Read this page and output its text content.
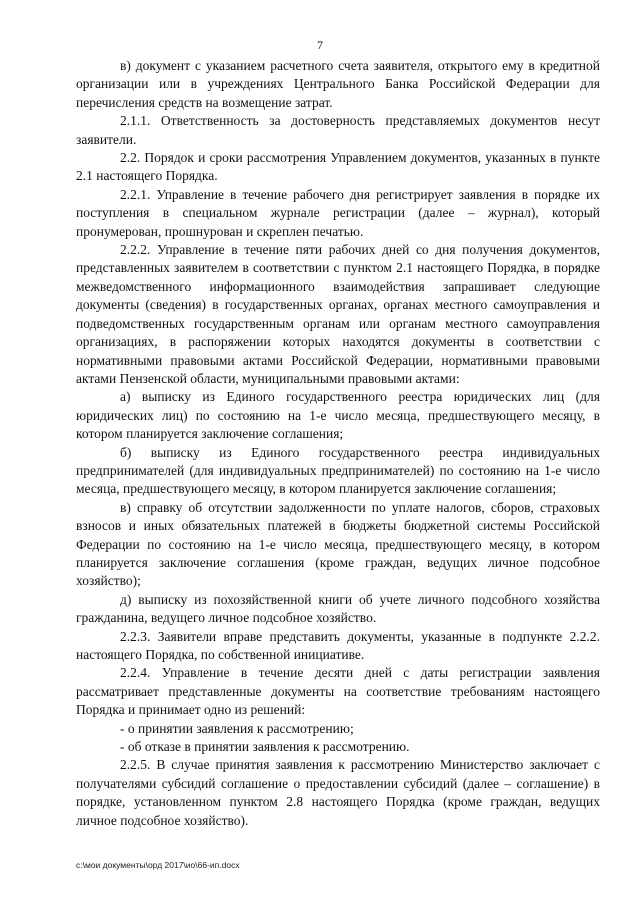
7

в) документ с указанием расчетного счета заявителя, открытого ему в кредитной организации или в учреждениях Центрального Банка Российской Федерации для перечисления средств на возмещение затрат.

2.1.1. Ответственность за достоверность представляемых документов несут заявители.

2.2. Порядок и сроки рассмотрения Управлением документов, указанных в пункте 2.1 настоящего Порядка.

2.2.1. Управление в течение рабочего дня регистрирует заявления в порядке их поступления в специальном журнале регистрации (далее – журнал), который пронумерован, прошнурован и скреплен печатью.

2.2.2. Управление в течение пяти рабочих дней со дня получения документов, представленных заявителем в соответствии с пунктом 2.1 настоящего Порядка, в порядке межведомственного информационного взаимодействия запрашивает следующие документы (сведения) в государственных органах, органах местного самоуправления и подведомственных государственным органам или органам местного самоуправления организациях, в распоряжении которых находятся документы в соответствии с нормативными правовыми актами Российской Федерации, нормативными правовыми актами Пензенской области, муниципальными правовыми актами:

а) выписку из Единого государственного реестра юридических лиц (для юридических лиц) по состоянию на 1-е число месяца, предшествующего месяцу, в котором планируется заключение соглашения;

б) выписку из Единого государственного реестра индивидуальных предпринимателей (для индивидуальных предпринимателей) по состоянию на 1-е число месяца, предшествующего месяцу, в котором планируется заключение соглашения;

в) справку об отсутствии задолженности по уплате налогов, сборов, страховых взносов и иных обязательных платежей в бюджеты бюджетной системы Российской Федерации по состоянию на 1-е число месяца, предшествующего месяцу, в котором планируется заключение соглашения (кроме граждан, ведущих личное подсобное хозяйство);

д) выписку из похозяйственной книги об учете личного подсобного хозяйства гражданина, ведущего личное подсобное хозяйство.

2.2.3. Заявители вправе представить документы, указанные в подпункте 2.2.2. настоящего Порядка, по собственной инициативе.

2.2.4. Управление в течение десяти дней с даты регистрации заявления рассматривает представленные документы на соответствие требованиям настоящего Порядка и принимает одно из решений:

- о принятии заявления к рассмотрению;

- об отказе в принятии заявления к рассмотрению.

2.2.5. В случае принятия заявления к рассмотрению Министерство заключает с получателями субсидий соглашение о предоставлении субсидий (далее – соглашение) в порядке, установленном пунктом 2.8 настоящего Порядка (кроме граждан, ведущих личное подсобное хозяйство).

c:\мои документы\орд 2017\ио\66-ип.docx
